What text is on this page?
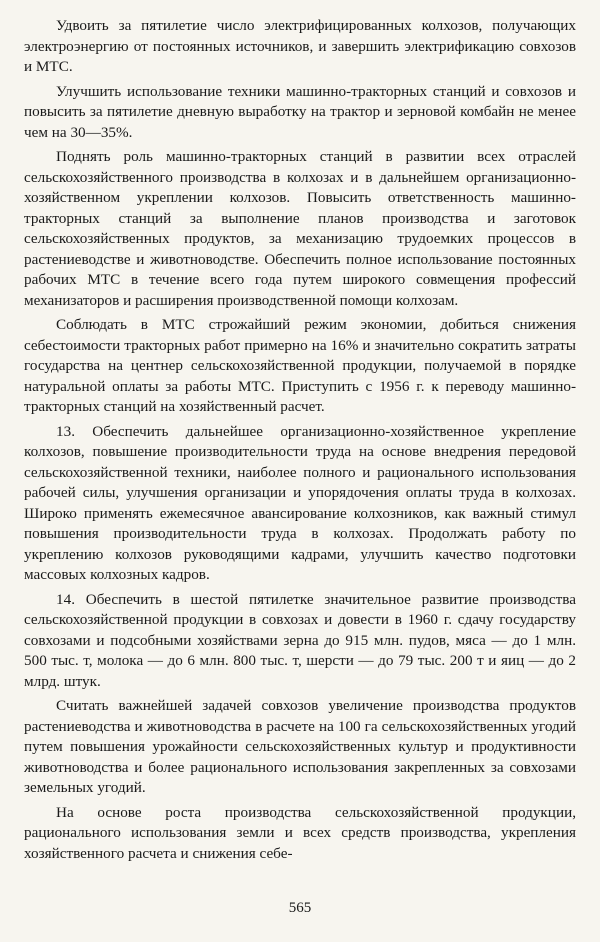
Удвоить за пятилетие число электрифицированных колхозов, получающих электроэнергию от постоянных источников, и завершить электрификацию совхозов и МТС.

Улучшить использование техники машинно-тракторных станций и совхозов и повысить за пятилетие дневную выработку на трактор и зерновой комбайн не менее чем на 30—35%.

Поднять роль машинно-тракторных станций в развитии всех отраслей сельскохозяйственного производства в колхозах и в дальнейшем организационно-хозяйственном укреплении колхозов. Повысить ответственность машинно-тракторных станций за выполнение планов производства и заготовок сельскохозяйственных продуктов, за механизацию трудоемких процессов в растениеводстве и животноводстве. Обеспечить полное использование постоянных рабочих МТС в течение всего года путем широкого совмещения профессий механизаторов и расширения производственной помощи колхозам.

Соблюдать в МТС строжайший режим экономии, добиться снижения себестоимости тракторных работ примерно на 16% и значительно сократить затраты государства на центнер сельскохозяйственной продукции, получаемой в порядке натуральной оплаты за работы МТС. Приступить с 1956 г. к переводу машинно-тракторных станций на хозяйственный расчет.

13. Обеспечить дальнейшее организационно-хозяйственное укрепление колхозов, повышение производительности труда на основе внедрения передовой сельскохозяйственной техники, наиболее полного и рационального использования рабочей силы, улучшения организации и упорядочения оплаты труда в колхозах. Широко применять ежемесячное авансирование колхозников, как важный стимул повышения производительности труда в колхозах. Продолжать работу по укреплению колхозов руководящими кадрами, улучшить качество подготовки массовых колхозных кадров.

14. Обеспечить в шестой пятилетке значительное развитие производства сельскохозяйственной продукции в совхозах и довести в 1960 г. сдачу государству совхозами и подсобными хозяйствами зерна до 915 млн. пудов, мяса — до 1 млн. 500 тыс. т, молока — до 6 млн. 800 тыс. т, шерсти — до 79 тыс. 200 т и яиц — до 2 млрд. штук.

Считать важнейшей задачей совхозов увеличение производства продуктов растениеводства и животноводства в расчете на 100 га сельскохозяйственных угодий путем повышения урожайности сельскохозяйственных культур и продуктивности животноводства и более рационального использования закрепленных за совхозами земельных угодий.

На основе роста производства сельскохозяйственной продукции, рационального использования земли и всех средств производства, укрепления хозяйственного расчета и снижения себе-

565
